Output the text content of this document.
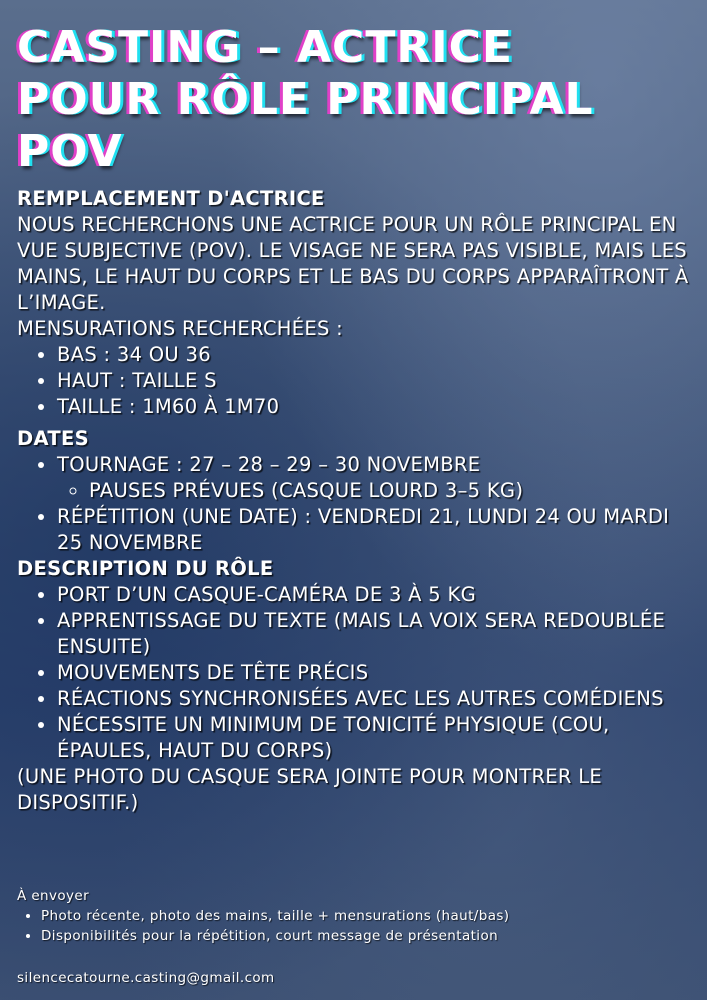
CASTING – ACTRICE
POUR RÔLE PRINCIPAL
POV

REMPLACEMENT D'ACTRICE

NOUS RECHERCHONS UNE ACTRICE POUR UN RÔLE PRINCIPAL EN VUE SUBJECTIVE (POV). LE VISAGE NE SERA PAS VISIBLE, MAIS LES MAINS, LE HAUT DU CORPS ET LE BAS DU CORPS APPARAÎTRONT À L’IMAGE.

MENSURATIONS RECHERCHÉES :

• BAS : 34 OU 36
• HAUT : TAILLE S
• TAILLE : 1M60 À 1M70

DATES

• TOURNAGE : 27 – 28 – 29 – 30 NOVEMBRE
◦ PAUSES PRÉVUES (CASQUE LOURD 3–5 KG)
• RÉPÉTITION (UNE DATE) : VENDREDI 21, LUNDI 24 OU MARDI 25 NOVEMBRE

DESCRIPTION DU RÔLE

• PORT D’UN CASQUE-CAMÉRA DE 3 À 5 KG
• APPRENTISSAGE DU TEXTE (MAIS LA VOIX SERA REDOUBLÉE ENSUITE)
• MOUVEMENTS DE TÊTE PRÉCIS
• RÉACTIONS SYNCHRONISÉES AVEC LES AUTRES COMÉDIENS
• NÉCESSITE UN MINIMUM DE TONICITÉ PHYSIQUE (COU, ÉPAULES, HAUT DU CORPS)

(UNE PHOTO DU CASQUE SERA JOINTE POUR MONTRER LE DISPOSITIF.)

À envoyer
• Photo récente, photo des mains, taille + mensurations (haut/bas)
• Disponibilités pour la répétition, court message de présentation
silencecatourne.casting@gmail.com
